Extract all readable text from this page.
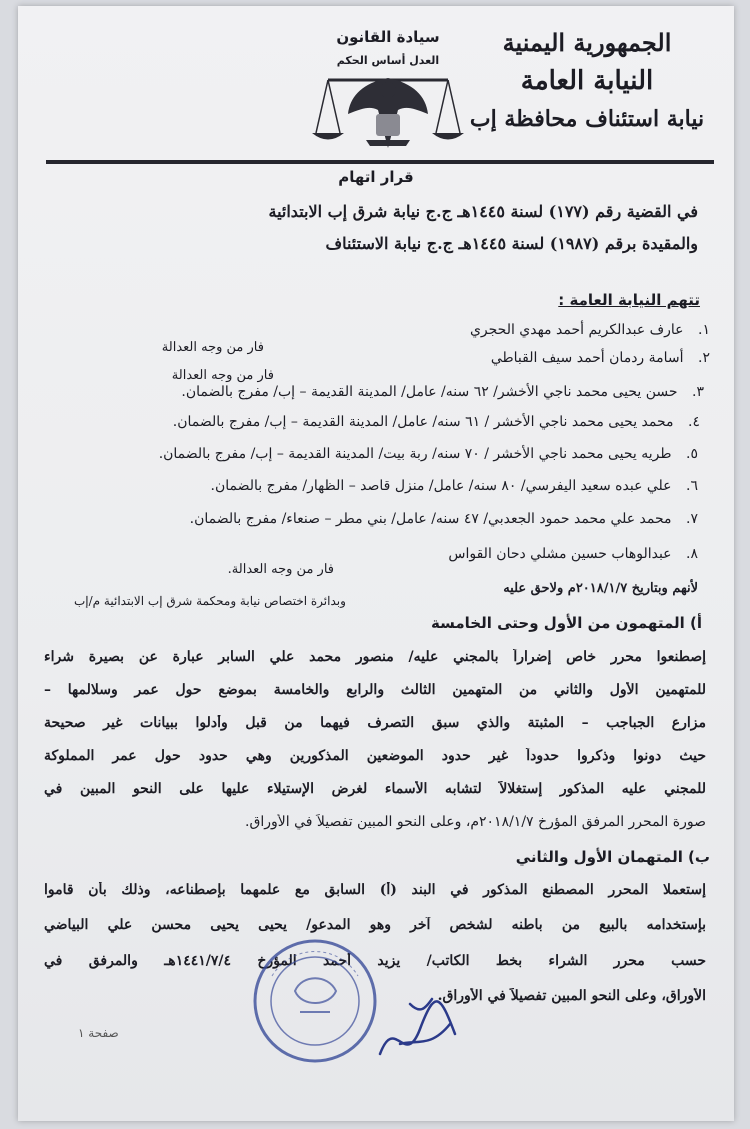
الجمهورية اليمنية
النيابة العامة
نيابة استئناف محافظة إب
سيادة القانون
العدل أساس الحكم
قرار اتهام
في القضية رقم (١٧٧) لسنة ١٤٤٥هـ ج.ج نيابة شرق إب الابتدائية
والمقيدة برقم (١٩٨٧) لسنة ١٤٤٥هـ ج.ج نيابة الاستئناف
تتهم النيابة العامة :
١. عارف عبدالكريم أحمد مهدي الحجري
فار من وجه العدالة
٢. أسامة ردمان أحمد سيف القباطي
فار من وجه العدالة
٣. حسن يحيى محمد ناجي الأخشر/ ٦٢ سنه/ عامل/ المدينة القديمة – إب/ مفرج بالضمان.
٤. محمد يحيى محمد ناجي الأخشر / ٦١ سنه/ عامل/ المدينة القديمة – إب/ مفرج بالضمان.
٥. طريه يحيى محمد ناجي الأخشر / ٧٠ سنه/ ربة بيت/ المدينة القديمة – إب/ مفرج بالضمان.
٦. علي عبده سعيد اليفرسي/ ٨٠ سنه/ عامل/ منزل قاصد – الظهار/ مفرج بالضمان.
٧. محمد علي محمد حمود الجعدبي/ ٤٧ سنه/ عامل/ بني مطر – صنعاء/ مفرج بالضمان.
٨. عبدالوهاب حسين مشلي دحان القواس
فار من وجه العدالة.
لأنهم وبتاريخ ٢٠١٨/١/٧م ولاحق عليه
وبدائرة اختصاص نيابة ومحكمة شرق إب الابتدائية م/إب
أ) المتهمون من الأول وحتى الخامسة
إصطنعوا محرر خاص إضراراً بالمجني عليه/ منصور محمد علي السابر عبارة عن بصيرة شراء
للمتهمين الأول والثاني من المتهمين الثالث والرابع والخامسة بموضع حول عمر وسلالمها –
مزارع الجباجب – المثبتة والذي سبق التصرف فيهما من قبل وأدلوا ببيانات غير صحيحة
حيث دونوا وذكروا حدوداً غير حدود الموضعين المذكورين وهي حدود حول عمر المملوكة
للمجني عليه المذكور إستغلالاً لتشابه الأسماء لغرض الإستيلاء عليها على النحو المبين في
صورة المحرر المرفق المؤرخ ٢٠١٨/١/٧م، وعلى النحو المبين تفصيلاً في الأوراق.
ب) المتهمان الأول والثاني
إستعملا المحرر المصطنع المذكور في البند (أ) السابق مع علمهما بإصطناعه، وذلك بأن قاموا
بإستخدامه بالبيع من باطنه لشخص آخر وهو المدعو/ يحيى يحيى محسن علي البياضي
حسب محرر الشراء بخط الكاتب/ يزيد أحمد المؤرخ ١٤٤١/٧/٤هـ والمرفق في
الأوراق، وعلى النحو المبين تفصيلاً في الأوراق.
صفحة ١
